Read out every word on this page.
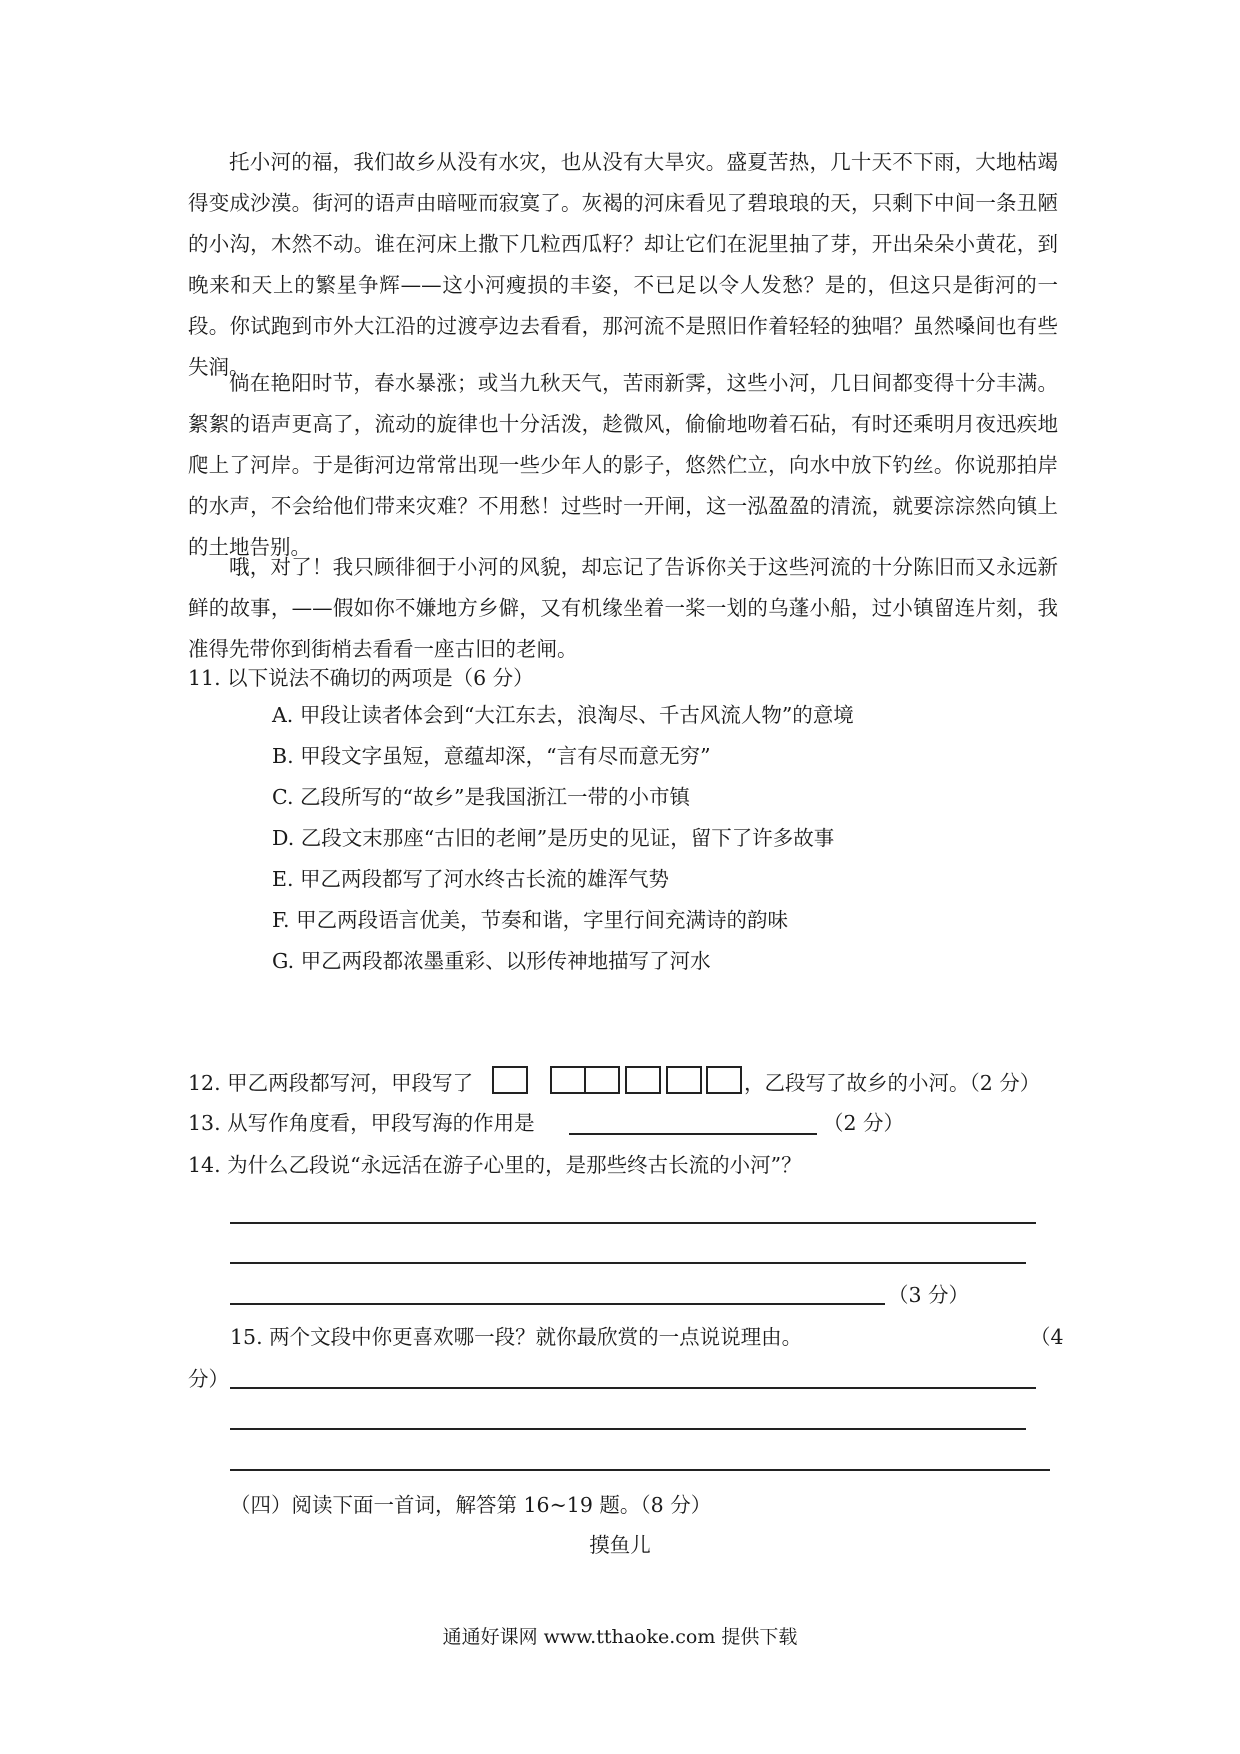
托小河的福，我们故乡从没有水灾，也从没有大旱灾。盛夏苦热，几十天不下雨，大地枯竭得变成沙漠。街河的语声由暗哑而寂寞了。灰褐的河床看见了碧琅琅的天，只剩下中间一条丑陋的小沟，木然不动。谁在河床上撒下几粒西瓜籽？却让它们在泥里抽了芽，开出朵朵小黄花，到晚来和天上的繁星争辉——这小河瘦损的丰姿，不已足以令人发愁？是的，但这只是街河的一段。你试跑到市外大江沿的过渡亭边去看看，那河流不是照旧作着轻轻的独唱？虽然嗓间也有些失润。

倘在艳阳时节，春水暴涨；或当九秋天气，苦雨新霁，这些小河，几日间都变得十分丰满。絮絮的语声更高了，流动的旋律也十分活泼，趁微风，偷偷地吻着石砧，有时还乘明月夜迅疾地爬上了河岸。于是街河边常常出现一些少年人的影子，悠然伫立，向水中放下钓丝。你说那拍岸的水声，不会给他们带来灾难？不用愁！过些时一开闸，这一泓盈盈的清流，就要淙淙然向镇上的土地告别。

哦，对了！我只顾徘徊于小河的风貌，却忘记了告诉你关于这些河流的十分陈旧而又永远新鲜的故事，——假如你不嫌地方乡僻，又有机缘坐着一桨一划的乌蓬小船，过小镇留连片刻，我准得先带你到街梢去看看一座古旧的老闸。

11. 以下说法不确切的两项是（6 分）
A. 甲段让读者体会到“大江东去，浪淘尽、千古风流人物”的意境
B. 甲段文字虽短，意蕴却深，“言有尽而意无穷”
C. 乙段所写的“故乡”是我国浙江一带的小市镇
D. 乙段文末那座“古旧的老闸”是历史的见证，留下了许多故事
E. 甲乙两段都写了河水终古长流的雄浑气势
F. 甲乙两段语言优美，节奏和谐，字里行间充满诗的韵味
G. 甲乙两段都浓墨重彩、以形传神地描写了河水
12. 甲乙两段都写河，甲段写了	，乙段写了故乡的小河。（2 分）
13. 从写作角度看，甲段写海的作用是	（2 分）
14. 为什么乙段说“永远活在游子心里的，是那些终古长流的小河”？
（3 分）
15. 两个文段中你更喜欢哪一段？就你最欣赏的一点说说理由。	（4
分）
（四）阅读下面一首词，解答第 16~19 题。（8 分）
摸鱼儿
通通好课网 www.tthaoke.com 提供下载
